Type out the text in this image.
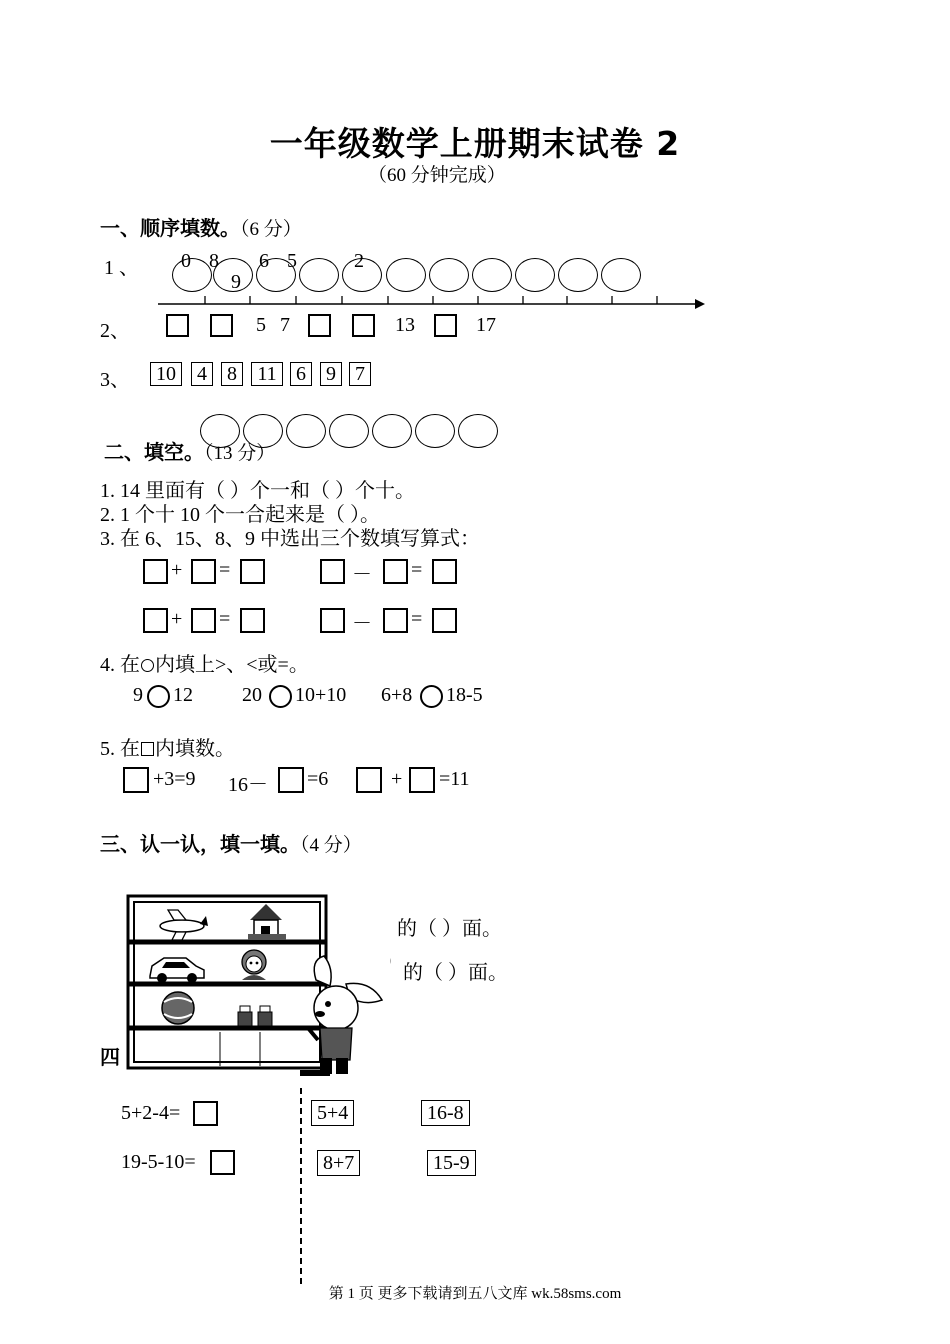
一年级数学上册期末试卷 2
（60 分钟完成）
一、顺序填数。（6 分）
1 、 0 8 6 5	2
9
2、	5 7	13	17
3、	10	4	8	11 6	9 7
二、填空。（13 分）
1. 14 里面有（ ）个一和（ ）个十。
2. 1 个十 10 个一合起来是（ ）。
3. 在 6、15、8、9 中选出三个数填写算式：
+ =	－ =
+ =	－ =
4. 在 内填上>、<或=。
9 12 20 10+10 6+8 18-5
5. 在 内填数。
+3=9 16－ =6	+ =11
三、认一认，填一填。（4 分）
四
的（ ）面。
的（ ）面。
5+2-4=
19-5-10=
5+4	16-8
8+7	15-9
第 1 页 更多下载请到五八文库 wk.58sms.com
